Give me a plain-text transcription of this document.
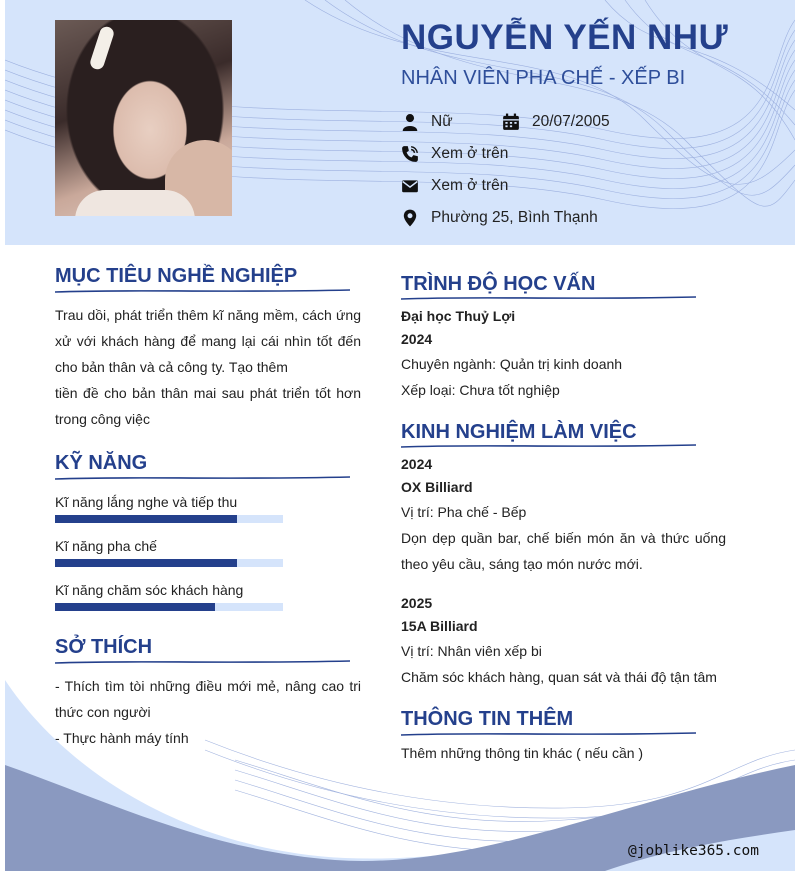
NGUYỄN YẾN NHƯ
NHÂN VIÊN PHA CHẾ - XẾP BI
Nữ	20/07/2005
Xem ở trên
Xem ở trên
Phường 25, Bình Thạnh
MỤC TIÊU NGHỀ NGHIỆP
Trau dồi, phát triển thêm kĩ năng mềm, cách ứng xử với khách hàng để mang lại cái nhìn tốt đến cho bản thân và cả công ty. Tạo thêm
tiền đề cho bản thân mai sau phát triển tốt hơn trong công việc
KỸ NĂNG
Kĩ năng lắng nghe và tiếp thu
Kĩ năng pha chế
Kĩ năng chăm sóc khách hàng
SỞ THÍCH
- Thích tìm tòi những điều mới mẻ, nâng cao tri thức con người
- Thực hành máy tính
TRÌNH ĐỘ HỌC VẤN
Đại học Thuỷ Lợi
2024
Chuyên ngành: Quản trị kinh doanh
Xếp loại: Chưa tốt nghiệp
KINH NGHIỆM LÀM VIỆC
2024
OX Billiard
Vị trí: Pha chế - Bếp
Dọn dẹp quần bar, chế biến món ăn và thức uống theo yêu cầu, sáng tạo món nước mới.
2025
15A Billiard
Vị trí: Nhân viên xếp bi
Chăm sóc khách hàng, quan sát và thái độ tận tâm
THÔNG TIN THÊM
Thêm những thông tin khác ( nếu cần )
@joblike365.com
